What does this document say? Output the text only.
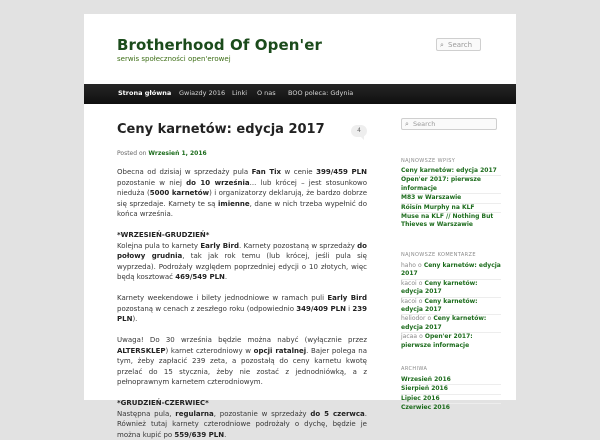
Brotherhood Of Open'er
serwis społeczności open'erowej
⌕
Search
Strona główna Gwiazdy 2016 Linki O nas BOO poleca: Gdynia
Ceny karnetów: edycja 2017	4
Posted on Wrzesień 1, 2016

Obecna od dzisiaj w sprzedaży pula Fan Tix w cenie 399/459 PLN pozostanie w niej do 10 września... lub krócej – jest stosunkowo nieduża (5000 karnetów) i organizatorzy deklarują, że bardzo dobrze się sprzedaje. Karnety te są imienne, dane w nich trzeba wypełnić do końca września.

*WRZESIEŃ-GRUDZIEŃ*
Kolejna pula to karnety Early Bird. Karnety pozostaną w sprzedaży do połowy grudnia, tak jak rok temu (lub krócej, jeśli pula się wyprzeda). Podrożały względem poprzedniej edycji o 10 złotych, więc będą kosztować 469/549 PLN.

Karnety weekendowe i bilety jednodniowe w ramach puli Early Bird pozostaną w cenach z zeszłego roku (odpowiednio 349/409 PLN i 239 PLN).

Uwaga! Do 30 września będzie można nabyć (wyłącznie przez ALTERSKLEP) karnet czterodniowy w opcji ratalnej. Bajer polega na tym, żeby zapłacić 239 zeta, a pozostałą do ceny karnetu kwotę przelać do 15 stycznia, żeby nie zostać z jednodniówką, a z pełnoprawnym karnetem czterodniowym.

*GRUDZIEŃ-CZERWIEC*
Następna pula, regularna, pozostanie w sprzedaży do 5 czerwca. Również tutaj karnety czterodniowe podrożały o dychę, będzie je można kupić po 559/639 PLN.

⌕
Search
NAJNOWSZE WPISY
Ceny karnetów: edycja 2017
Open'er 2017: pierwsze informacje
M83 w Warszawie
Róisín Murphy na KLF
Muse na KLF // Nothing But Thieves w Warszawie
NAJNOWSZE KOMENTARZE
haho o Ceny karnetów: edycja 2017
kacoi o Ceny karnetów: edycja 2017
kacoi o Ceny karnetów: edycja 2017
heliodor o Ceny karnetów: edycja 2017
jacaa o Open'er 2017: pierwsze informacje
ARCHIWA
Wrzesień 2016
Sierpień 2016
Lipiec 2016
Czerwiec 2016
